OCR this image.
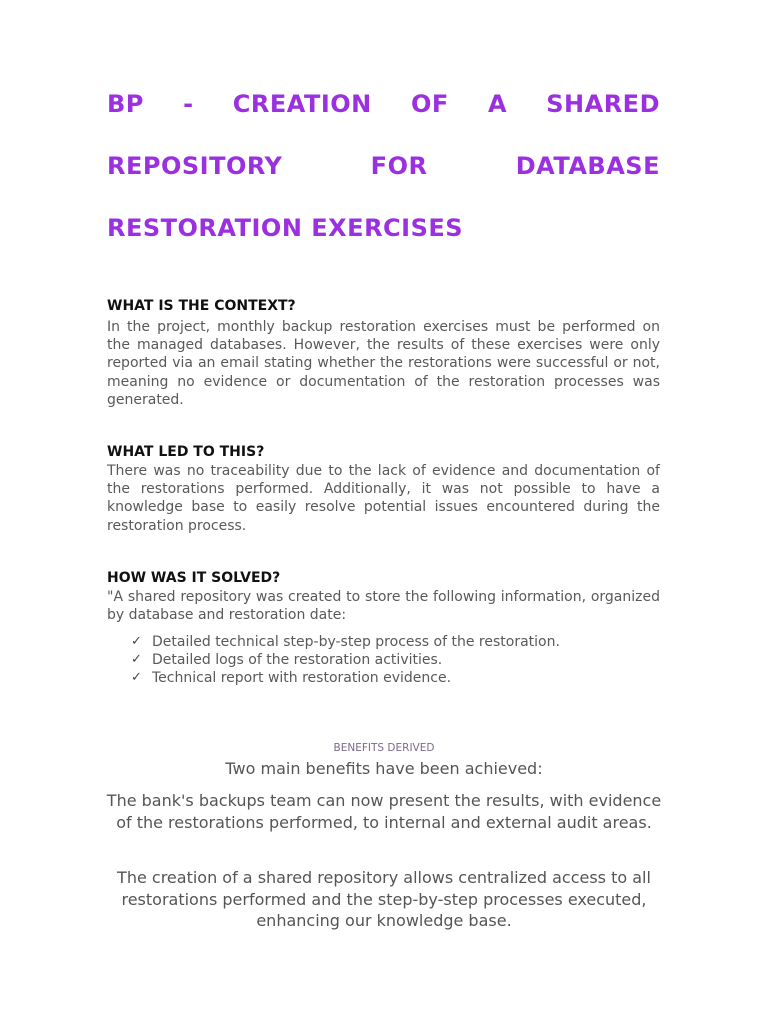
BP - CREATION OF A SHARED
REPOSITORY	FOR	DATABASE
RESTORATION EXERCISES
WHAT IS THE CONTEXT?

In the project, monthly backup restoration exercises must be performed on the managed databases. However, the results of these exercises were only reported via an email stating whether the restorations were successful or not, meaning no evidence or documentation of the restoration processes was generated.

WHAT LED TO THIS?

There was no traceability due to the lack of evidence and documentation of the restorations performed. Additionally, it was not possible to have a knowledge base to easily resolve potential issues encountered during the restoration process.

HOW WAS IT SOLVED?

"A shared repository was created to store the following information, organized by database and restoration date:

✓ Detailed technical step-by-step process of the restoration.
✓ Detailed logs of the restoration activities.
✓ Technical report with restoration evidence.

BENEFITS DERIVED

Two main benefits have been achieved:

The bank's backups team can now present the results, with evidence of the restorations performed, to internal and external audit areas.

The creation of a shared repository allows centralized access to all restorations performed and the step-by-step processes executed, enhancing our knowledge base.
